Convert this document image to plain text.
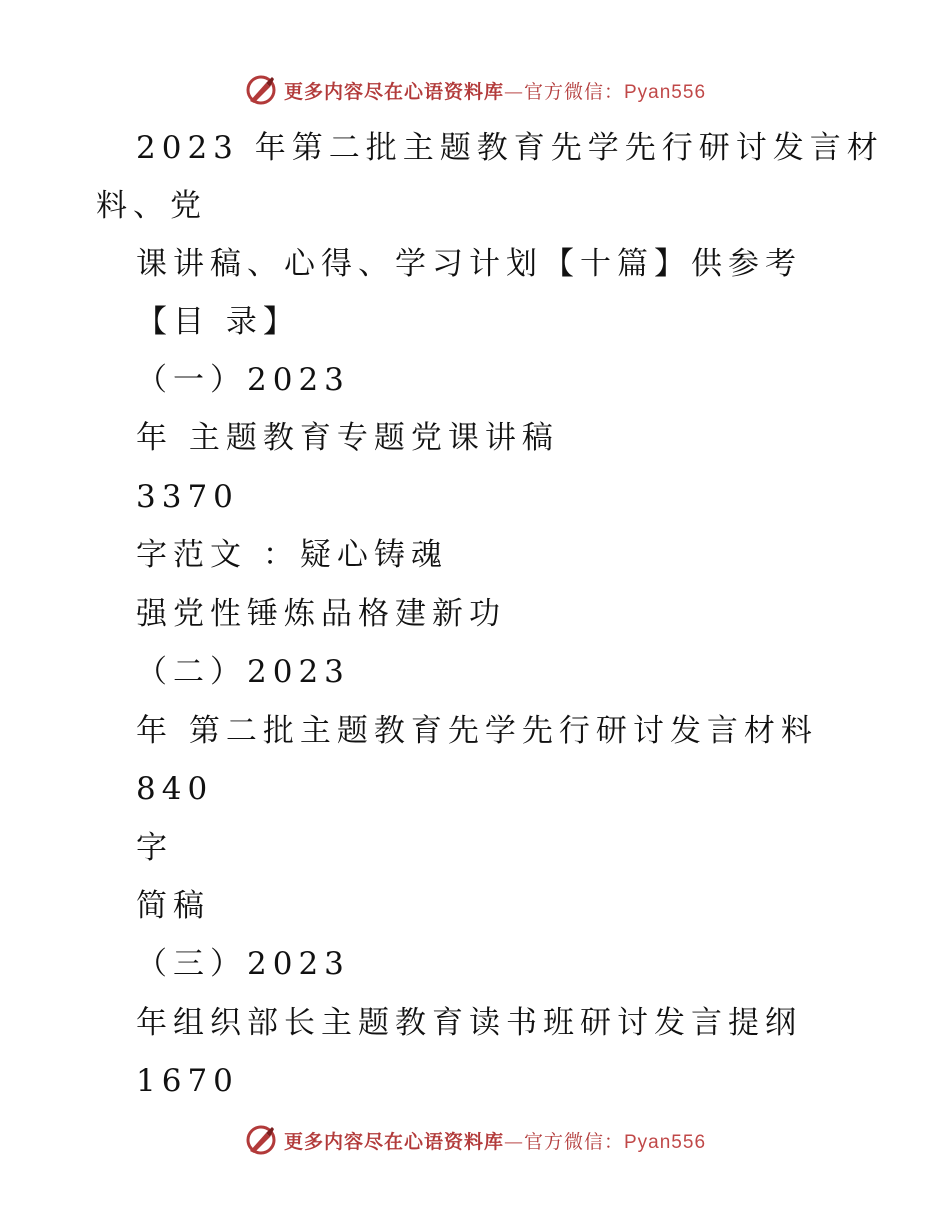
更多内容尽在心语资料库—官方微信：Pyan556
2023 年第二批主题教育先学先行研讨发言材
料、党
课讲稿、心得、学习计划【十篇】供参考
【目 录】
（一）2023
年 主题教育专题党课讲稿
3370
字范文 ：疑心铸魂
强党性锤炼品格建新功
（二）2023
年 第二批主题教育先学先行研讨发言材料
840
字
简稿
（三）2023
年组织部长主题教育读书班研讨发言提纲
1670
更多内容尽在心语资料库—官方微信：Pyan556
